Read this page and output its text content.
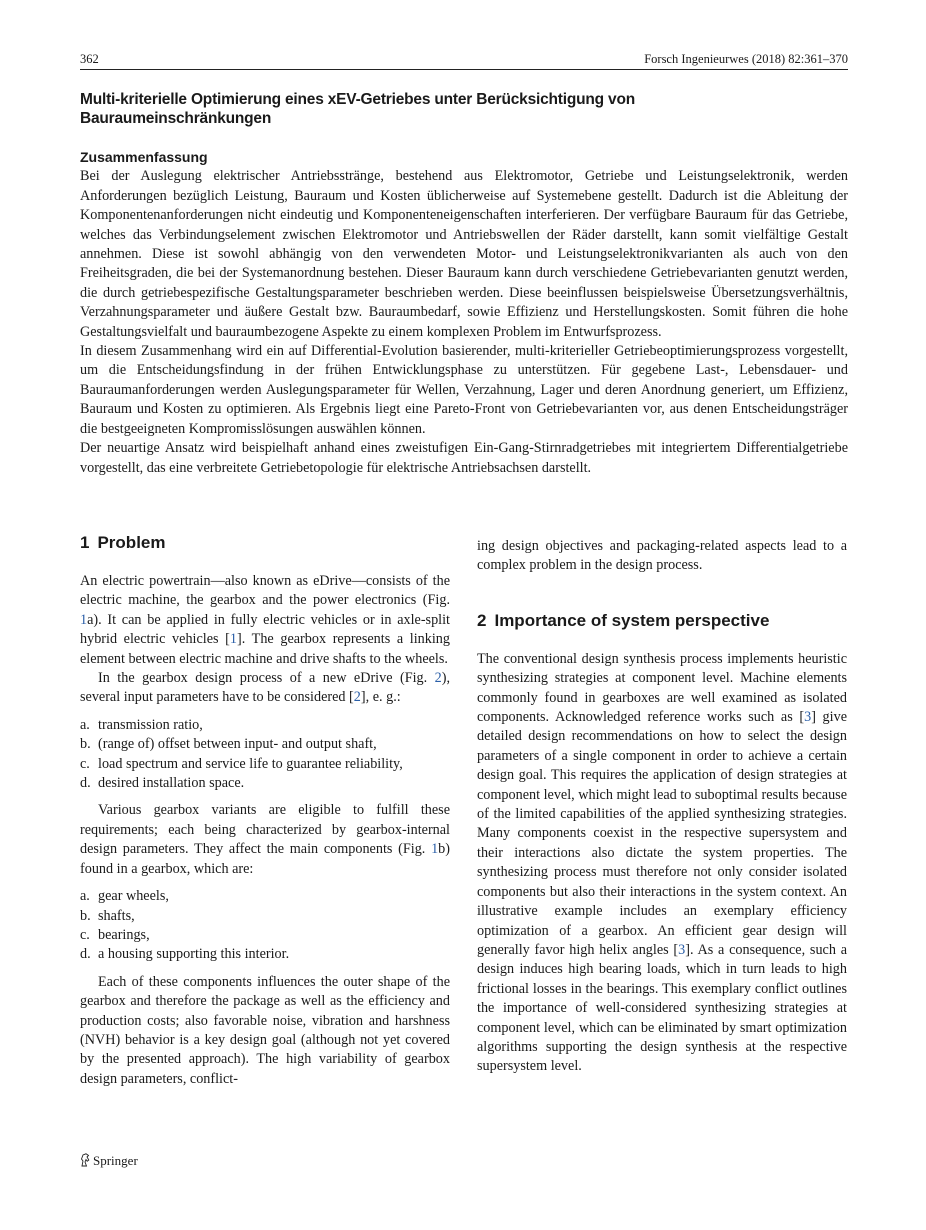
362	Forsch Ingenieurwes (2018) 82:361–370
Multi-kriterielle Optimierung eines xEV-Getriebes unter Berücksichtigung von Bauraumeinschränkungen
Zusammenfassung

Bei der Auslegung elektrischer Antriebsstränge, bestehend aus Elektromotor, Getriebe und Leistungselektronik, werden Anforderungen bezüglich Leistung, Bauraum und Kosten üblicherweise auf Systemebene gestellt. Dadurch ist die Ableitung der Komponentenanforderungen nicht eindeutig und Komponenteneigenschaften interferieren. Der verfügbare Bauraum für das Getriebe, welches das Verbindungselement zwischen Elektromotor und Antriebswellen der Räder darstellt, kann somit vielfältige Gestalt annehmen. Diese ist sowohl abhängig von den verwendeten Motor- und Leistungselektronikvarianten als auch von den Freiheitsgraden, die bei der Systemanordnung bestehen. Dieser Bauraum kann durch verschiedene Getriebevarianten genutzt werden, die durch getriebespezifische Gestaltungsparameter beschrieben werden. Diese beeinflussen beispielsweise Übersetzungsverhältnis, Verzahnungsparameter und äußere Gestalt bzw. Bauraumbedarf, sowie Effizienz und Herstellungskosten. Somit führen die hohe Gestaltungsvielfalt und bauraumbezogene Aspekte zu einem komplexen Problem im Entwurfsprozess.

In diesem Zusammenhang wird ein auf Differential-Evolution basierender, multi-kriterieller Getriebeoptimierungsprozess vorgestellt, um die Entscheidungsfindung in der frühen Entwicklungsphase zu unterstützen. Für gegebene Last-, Lebensdauer- und Bauraumanforderungen werden Auslegungsparameter für Wellen, Verzahnung, Lager und deren Anordnung generiert, um Effizienz, Bauraum und Kosten zu optimieren. Als Ergebnis liegt eine Pareto-Front von Getriebevarianten vor, aus denen Entscheidungsträger die bestgeeigneten Kompromisslösungen auswählen können.

Der neuartige Ansatz wird beispielhaft anhand eines zweistufigen Ein-Gang-Stirnradgetriebes mit integriertem Differentialgetriebe vorgestellt, das eine verbreitete Getriebetopologie für elektrische Antriebsachsen darstellt.

1 Problem

An electric powertrain—also known as eDrive—consists of the electric machine, the gearbox and the power electronics (Fig. 1a). It can be applied in fully electric vehicles or in axle-split hybrid electric vehicles [1]. The gearbox represents a linking element between electric machine and drive shafts to the wheels.

In the gearbox design process of a new eDrive (Fig. 2), several input parameters have to be considered [2], e. g.:

a. transmission ratio,
b. (range of) offset between input- and output shaft,
c. load spectrum and service life to guarantee reliability,
d. desired installation space.

Various gearbox variants are eligible to fulfill these requirements; each being characterized by gearbox-internal design parameters. They affect the main components (Fig. 1b) found in a gearbox, which are:

a. gear wheels,
b. shafts,
c. bearings,
d. a housing supporting this interior.

Each of these components influences the outer shape of the gearbox and therefore the package as well as the efficiency and production costs; also favorable noise, vibration and harshness (NVH) behavior is a key design goal (although not yet covered by the presented approach). The high variability of gearbox design parameters, conflict-

ing design objectives and packaging-related aspects lead to a complex problem in the design process.

2 Importance of system perspective

The conventional design synthesis process implements heuristic synthesizing strategies at component level. Machine elements commonly found in gearboxes are well examined as isolated components. Acknowledged reference works such as [3] give detailed design recommendations on how to select the design parameters of a single component in order to achieve a certain design goal. This requires the application of design strategies at component level, which might lead to suboptimal results because of the limited capabilities of the applied synthesizing strategies. Many components coexist in the respective supersystem and their interactions also dictate the system properties. The synthesizing process must therefore not only consider isolated components but also their interactions in the system context. An illustrative example includes an exemplary efficiency optimization of a gearbox. An efficient gear design will generally favor high helix angles [3]. As a consequence, such a design induces high bearing loads, which in turn leads to high frictional losses in the bearings. This exemplary conflict outlines the importance of well-considered synthesizing strategies at component level, which can be eliminated by smart optimization algorithms supporting the design synthesis at the respective supersystem level.

Springer
